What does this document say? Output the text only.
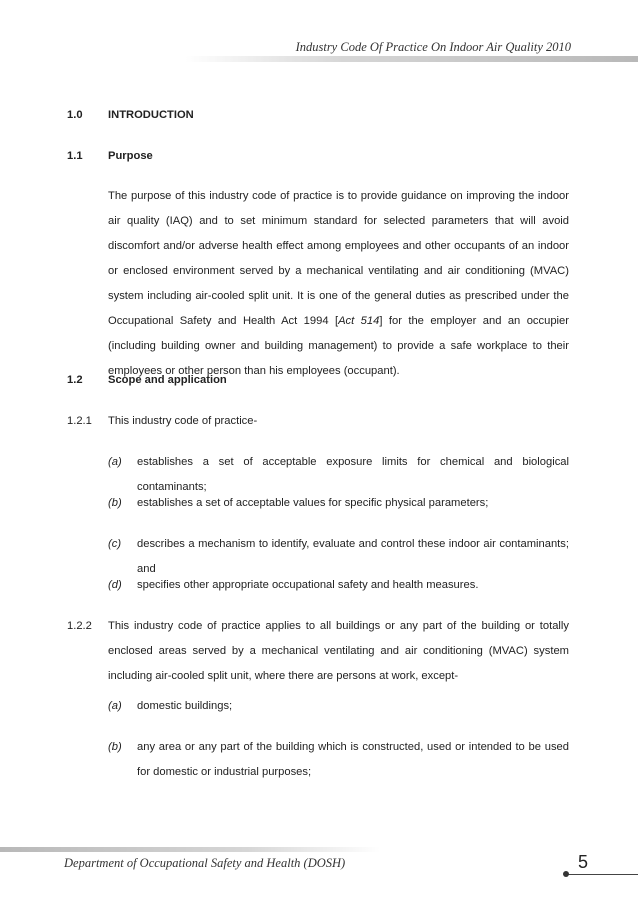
Industry Code Of Practice On Indoor Air Quality 2010
1.0 INTRODUCTION
1.1 Purpose
The purpose of this industry code of practice is to provide guidance on improving the indoor air quality (IAQ) and to set minimum standard for selected parameters that will avoid discomfort and/or adverse health effect among employees and other occupants of an indoor or enclosed environment served by a mechanical ventilating and air conditioning (MVAC) system including air-cooled split unit. It is one of the general duties as prescribed under the Occupational Safety and Health Act 1994 [Act 514] for the employer and an occupier (including building owner and building management) to provide a safe workplace to their employees or other person than his employees (occupant).
1.2 Scope and application
1.2.1 This industry code of practice-
(a) establishes a set of acceptable exposure limits for chemical and biological contaminants;
(b) establishes a set of acceptable values for specific physical parameters;
(c) describes a mechanism to identify, evaluate and control these indoor air contaminants; and
(d) specifies other appropriate occupational safety and health measures.
1.2.2 This industry code of practice applies to all buildings or any part of the building or totally enclosed areas served by a mechanical ventilating and air conditioning (MVAC) system including air-cooled split unit, where there are persons at work, except-
(a) domestic buildings;
(b) any area or any part of the building which is constructed, used or intended to be used for domestic or industrial purposes;
Department of Occupational Safety and Health (DOSH)	5
